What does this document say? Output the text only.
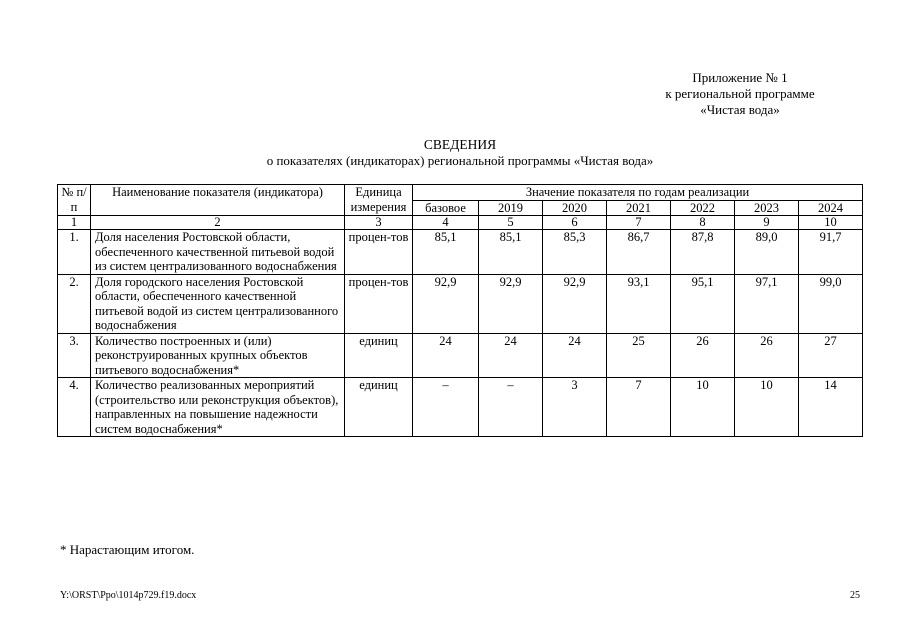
Приложение № 1
к региональной программе
«Чистая вода»
СВЕДЕНИЯ
о показателях (индикаторах) региональной программы «Чистая вода»
№ п/п	Наименование показателя (индикатора)	Единица измерения	Значение показателя по годам реализации						
			базовое	2019	2020	2021	2022	2023	2024
1	2	3	4	5	6	7	8	9	10
1.	Доля населения Ростовской области, обеспеченного качественной питьевой водой из систем централизованного водоснабжения	процен-тов	85,1	85,1	85,3	86,7	87,8	89,0	91,7
2.	Доля городского населения Ростовской области, обеспеченного качественной питьевой водой из систем централизованного водоснабжения	процен-тов	92,9	92,9	92,9	93,1	95,1	97,1	99,0
3.	Количество построенных и (или) реконструированных крупных объектов питьевого водоснабжения*	единиц	24	24	24	25	26	26	27
4.	Количество реализованных мероприятий (строительство или реконструкция объектов), направленных на повышение надежности систем водоснабжения*	единиц	–	–	3	7	10	10	14
* Нарастающим итогом.
Y:\ORST\Ppo\1014p729.f19.docx	25
